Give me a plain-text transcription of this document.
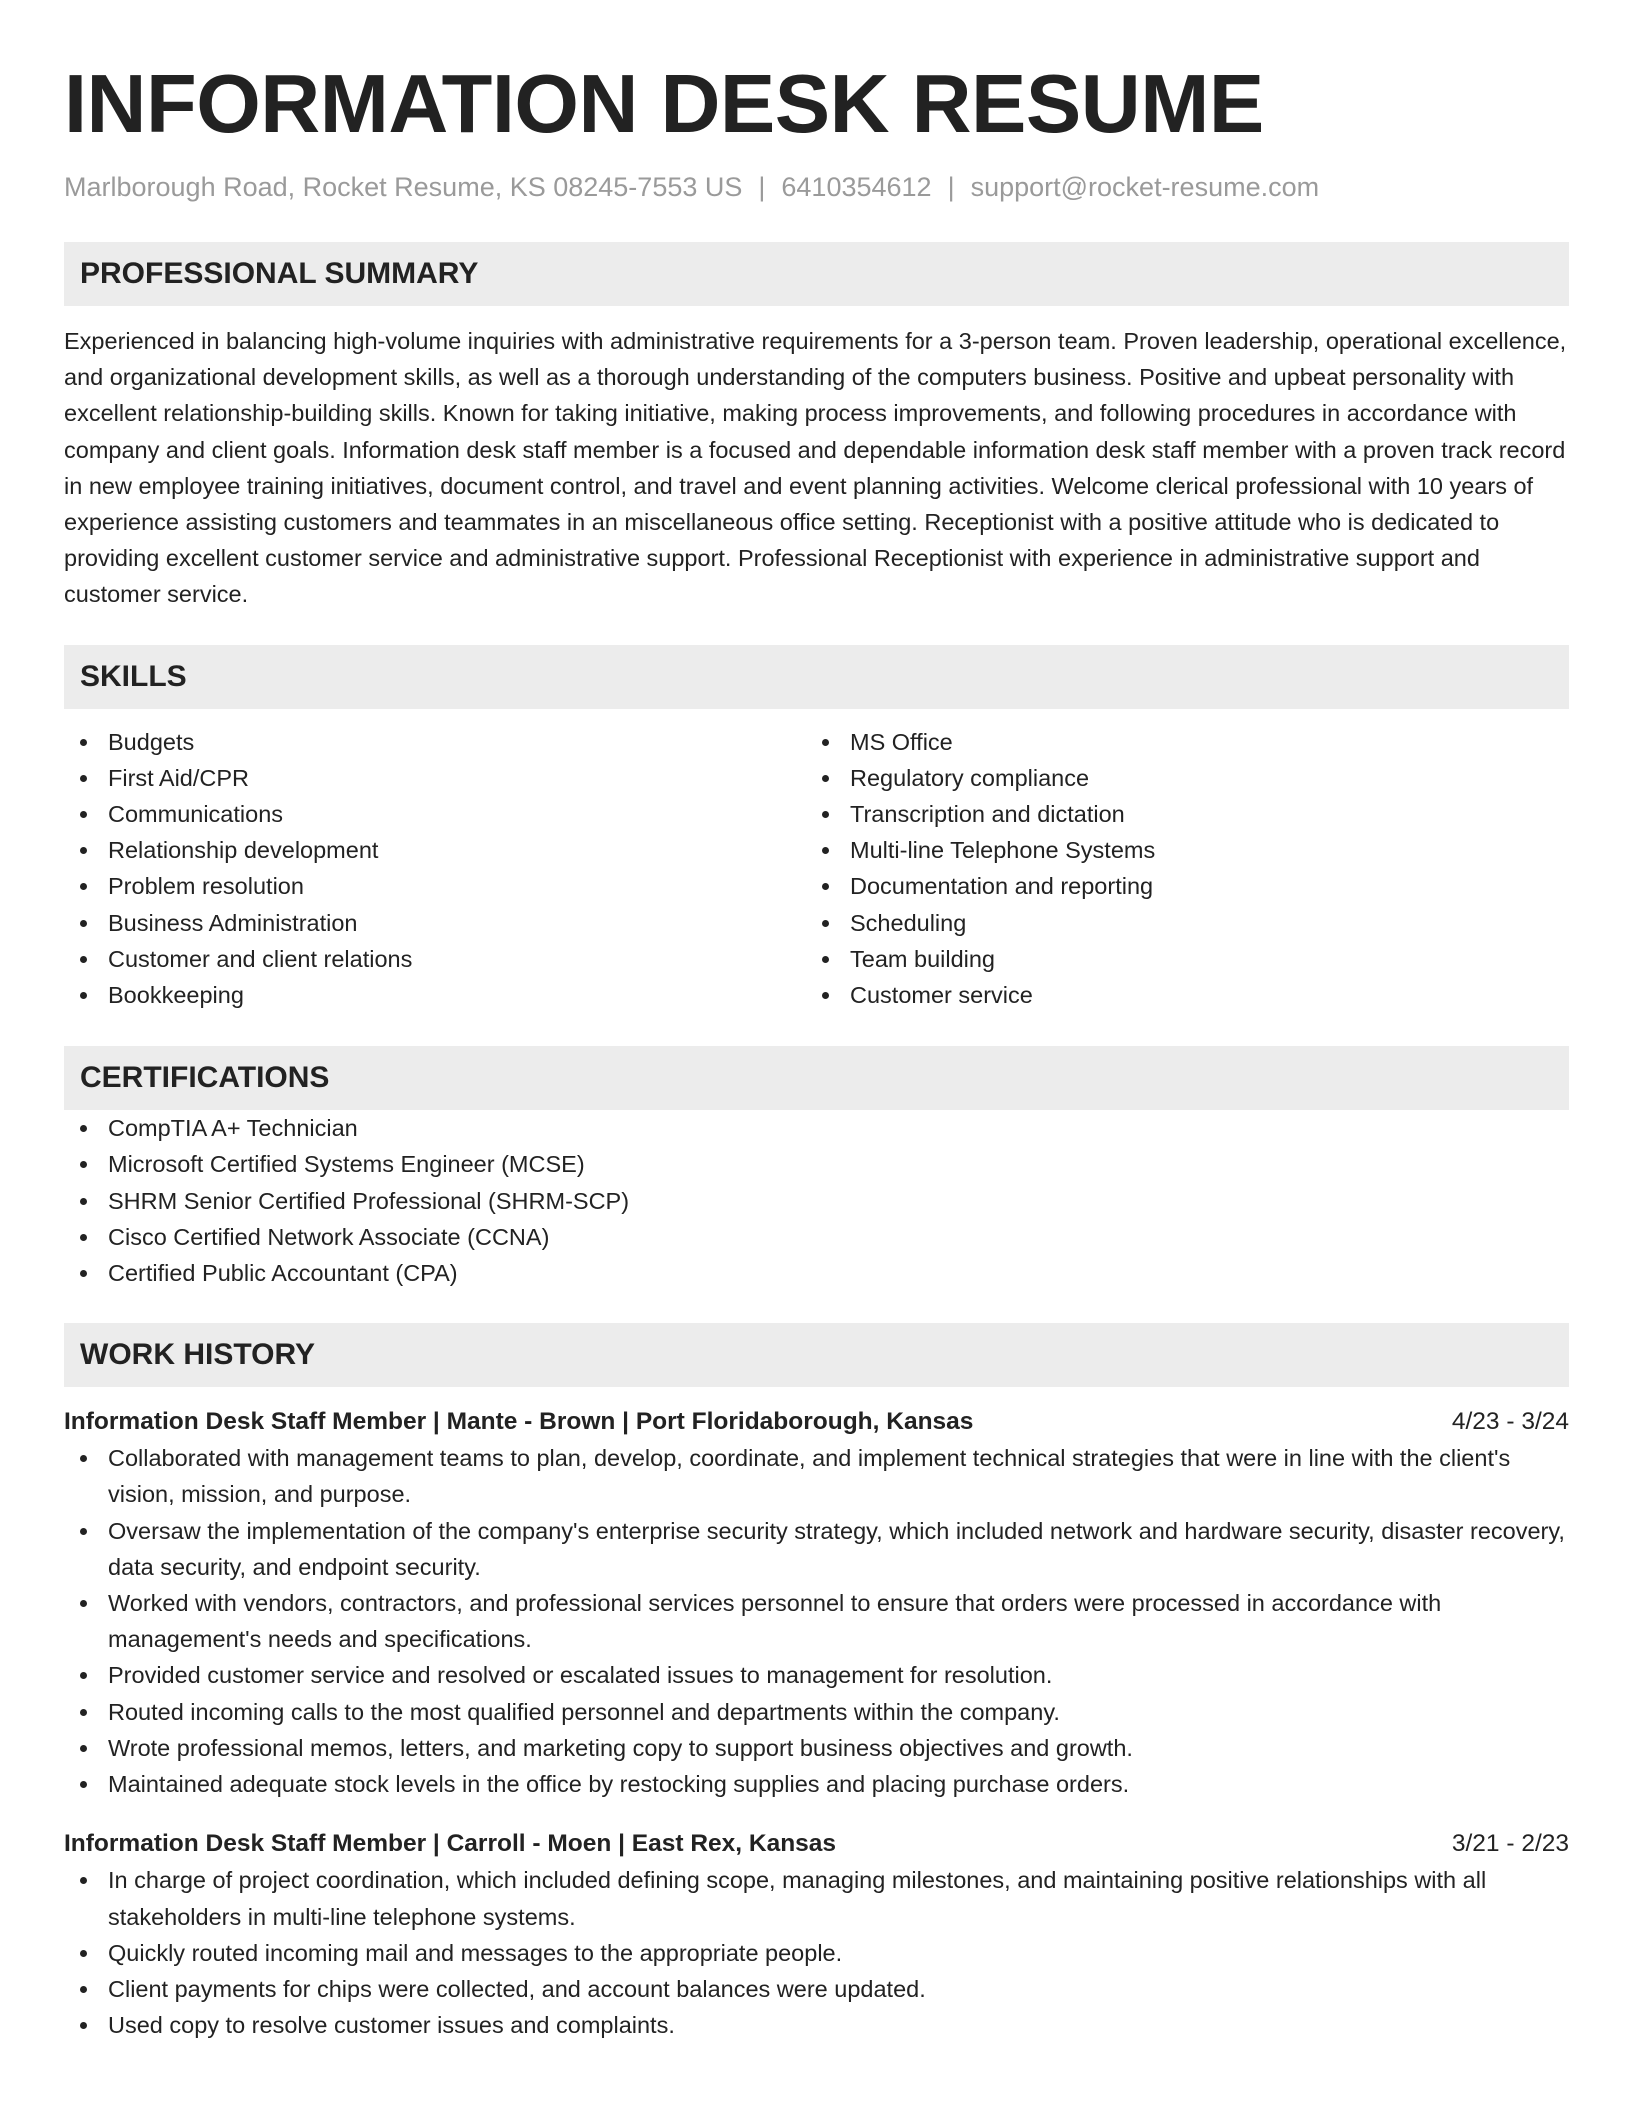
INFORMATION DESK RESUME
Marlborough Road, Rocket Resume, KS 08245-7553 US | 6410354612 | support@rocket-resume.com
PROFESSIONAL SUMMARY

Experienced in balancing high-volume inquiries with administrative requirements for a 3-person team. Proven leadership, operational excellence, and organizational development skills, as well as a thorough understanding of the computers business. Positive and upbeat personality with excellent relationship-building skills. Known for taking initiative, making process improvements, and following procedures in accordance with company and client goals. Information desk staff member is a focused and dependable information desk staff member with a proven track record in new employee training initiatives, document control, and travel and event planning activities. Welcome clerical professional with 10 years of experience assisting customers and teammates in an miscellaneous office setting. Receptionist with a positive attitude who is dedicated to providing excellent customer service and administrative support. Professional Receptionist with experience in administrative support and customer service.

SKILLS
Budgets
First Aid/CPR
Communications
Relationship development
Problem resolution
Business Administration
Customer and client relations
Bookkeeping
MS Office
Regulatory compliance
Transcription and dictation
Multi-line Telephone Systems
Documentation and reporting
Scheduling
Team building
Customer service
CERTIFICATIONS
CompTIA A+ Technician
Microsoft Certified Systems Engineer (MCSE)
SHRM Senior Certified Professional (SHRM-SCP)
Cisco Certified Network Associate (CCNA)
Certified Public Accountant (CPA)
WORK HISTORY
Information Desk Staff Member | Mante - Brown | Port Floridaborough, Kansas	4/23 - 3/24
Collaborated with management teams to plan, develop, coordinate, and implement technical strategies that were in line with the client's vision, mission, and purpose.
Oversaw the implementation of the company's enterprise security strategy, which included network and hardware security, disaster recovery, data security, and endpoint security.
Worked with vendors, contractors, and professional services personnel to ensure that orders were processed in accordance with management's needs and specifications.
Provided customer service and resolved or escalated issues to management for resolution.
Routed incoming calls to the most qualified personnel and departments within the company.
Wrote professional memos, letters, and marketing copy to support business objectives and growth.
Maintained adequate stock levels in the office by restocking supplies and placing purchase orders.
Information Desk Staff Member | Carroll - Moen | East Rex, Kansas	3/21 - 2/23
In charge of project coordination, which included defining scope, managing milestones, and maintaining positive relationships with all stakeholders in multi-line telephone systems.
Quickly routed incoming mail and messages to the appropriate people.
Client payments for chips were collected, and account balances were updated.
Used copy to resolve customer issues and complaints.
